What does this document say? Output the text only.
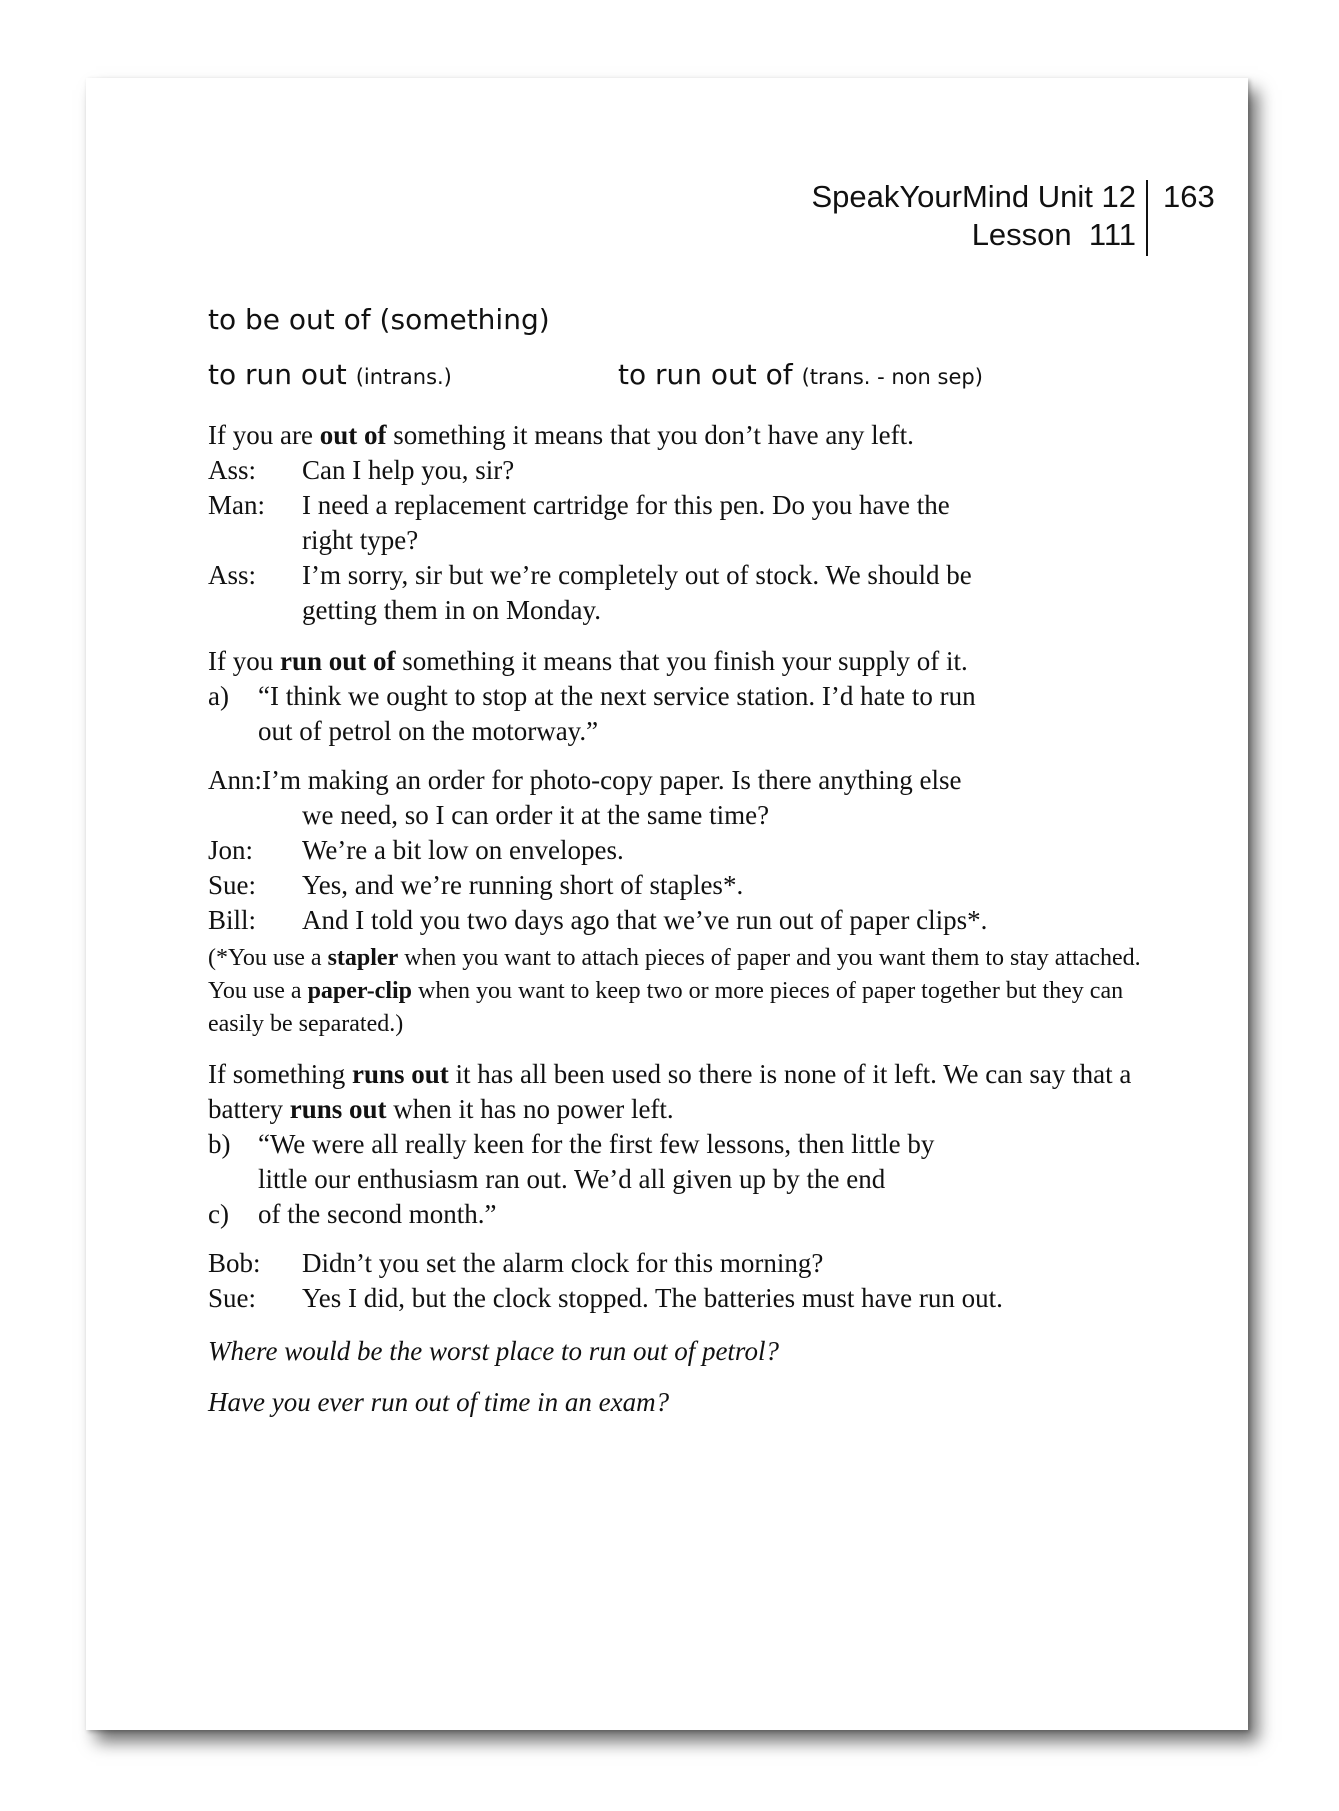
SpeakYourMind Unit 12
Lesson  111
163
to be out of (something)
to run out (intrans.)	to run out of (trans. - non sep)

If you are out of something it means that you don’t have any left.

Ass:	Can I help you, sir?
Man:	I need a replacement cartridge for this pen. Do you have the
right type?
Ass:	I’m sorry, sir but we’re completely out of stock. We should be
getting them in on Monday.

If you run out of something it means that you finish your supply of it.

a)	“I think we ought to stop at the next service station. I’d hate to run
out of petrol on the motorway.”
Ann:I’m making an order for photo-copy paper. Is there anything else
we need, so I can order it at the same time?
Jon:	We’re a bit low on envelopes.
Sue:	Yes, and we’re running short of staples*.
Bill:	And I told you two days ago that we’ve run out of paper clips*.

(*You use a stapler when you want to attach pieces of paper and you want them to stay attached. You use a paper-clip when you want to keep two or more pieces of paper together but they can easily be separated.)

If something runs out it has all been used so there is none of it left. We can say that a battery runs out when it has no power left.

b)	“We were all really keen for the first few lessons, then little by
little our enthusiasm ran out. We’d all given up by the end
c)	of the second month.”
Bob:	Didn’t you set the alarm clock for this morning?
Sue:	Yes I did, but the clock stopped. The batteries must have run out.

Where would be the worst place to run out of petrol?

Have you ever run out of time in an exam?
